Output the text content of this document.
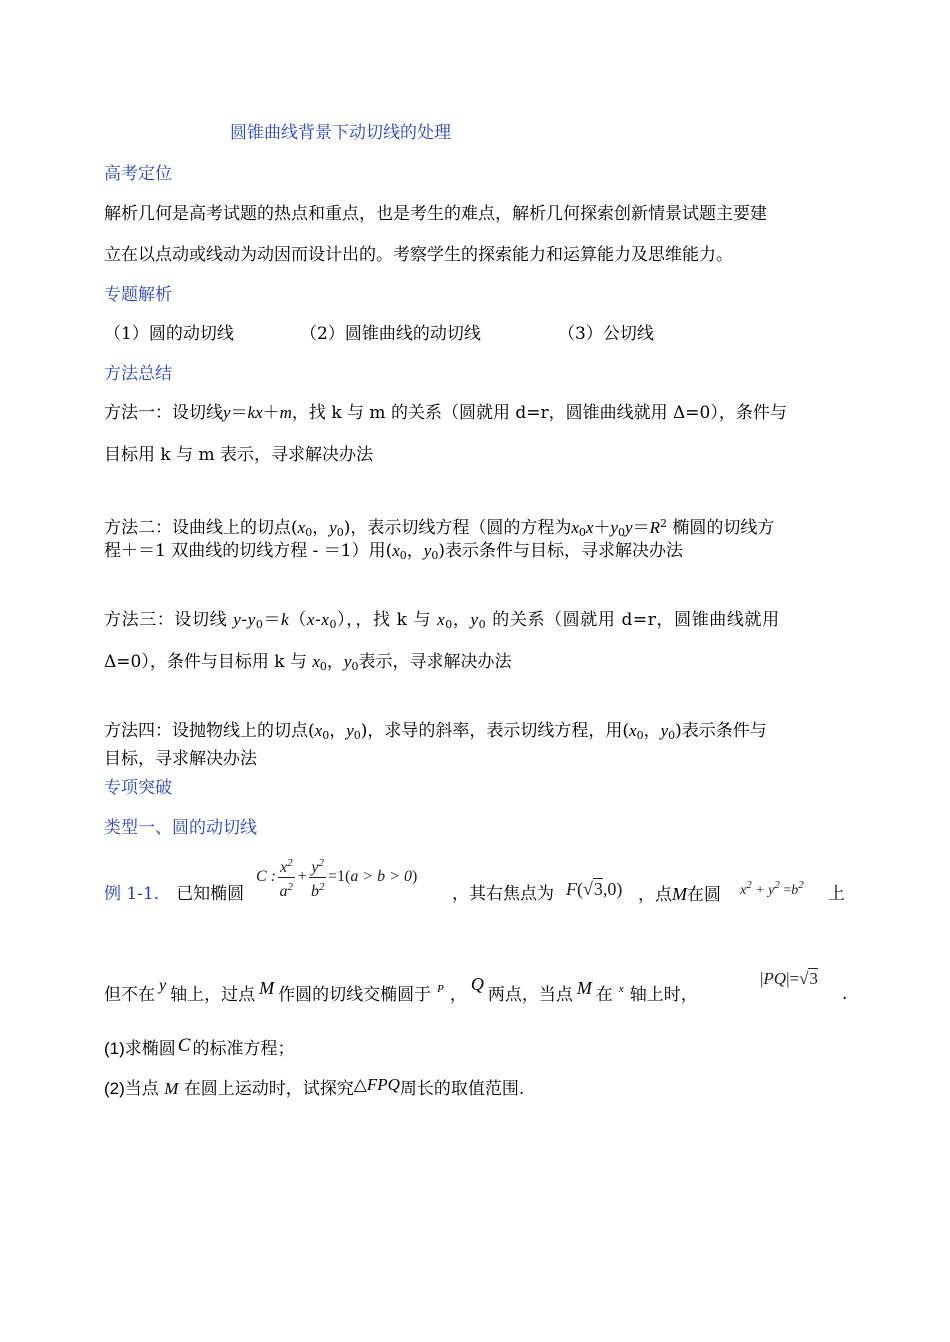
圆锥曲线背景下动切线的处理
高考定位
解析几何是高考试题的热点和重点，也是考生的难点，解析几何探索创新情景试题主要建
立在以点动或线动为动因而设计出的。考察学生的探索能力和运算能力及思维能力。
专题解析
（1）圆的动切线	（2）圆锥曲线的动切线	（3）公切线
方法总结
方法一：设切线y＝kx＋m，找 k 与 m 的关系（圆就用 d=r，圆锥曲线就用 Δ=0），条件与
目标用 k 与 m 表示，寻求解决办法
方法二：设曲线上的切点($x_0$，$y_0$)，表示切线方程（圆的方程为$x_0x+y_0y=R^2$ 椭圆的切线方
程＋＝1 双曲线的切线方程 - ＝1）用($x_0$，$y_0$)表示条件与目标，寻求解决办法
方法三：设切线 $y-y_0=k(x-x_0)$，，找 k 与 $x_0$，$y_0$ 的关系（圆就用 d=r，圆锥曲线就用
Δ=0），条件与目标用 k 与 $x_0$，$y_0$表示，寻求解决办法
方法四：设抛物线上的切点($x_0$，$y_0$)，求导的斜率，表示切线方程，用($x_0$，$y_0$)表示条件与
目标，寻求解决办法
专项突破
类型一、圆的动切线
例 1-1． 已知椭圆
C : $\frac{x^2}{a^2} + \frac{y^2}{b^2} =1(a > b > 0)$
，其右焦点为 F(√3,0) ，点M在圆 $x^2 + y^2 =b^2$ 上
但不在 y 轴上，过点 M 作圆的切线交椭圆于 $^P$ ，Q两点，当点 M 在 $^x$ 轴上时，
|PQ|=√3
.
(1)求椭圆 C 的标准方程；
(2)当点 M 在圆上运动时，试探究△FPQ周长的取值范围.
